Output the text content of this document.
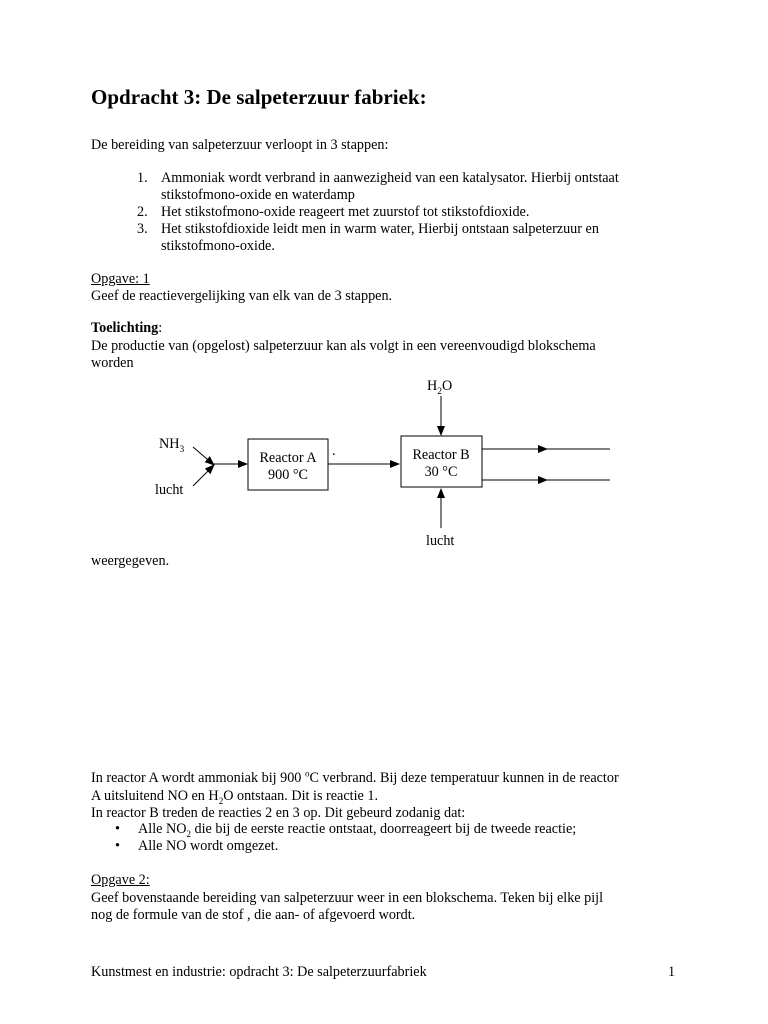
Opdracht 3: De salpeterzuur fabriek:
De bereiding van salpeterzuur verloopt in 3 stappen:
1. Ammoniak wordt verbrand in aanwezigheid van een katalysator. Hierbij ontstaat
stikstofmono-oxide en waterdamp
2. Het stikstofmono-oxide reageert met zuurstof tot stikstofdioxide.
3. Het stikstofdioxide leidt men in warm water, Hierbij ontstaan salpeterzuur en
stikstofmono-oxide.
Opgave: 1
Geef de reactievergelijking van elk van de 3 stappen.
Toelichting:
De productie van (opgelost) salpeterzuur kan als volgt in een vereenvoudigd blokschema
worden
$H_2O$
$NH_3$
lucht
Reactor A
900 °C
.	Reactor B
30 °C
lucht
weergegeven.
In reactor A wordt ammoniak bij 900 $^o$C verbrand. Bij deze temperatuur kunnen in de reactor
A uitsluitend NO en $H_2O$ ontstaan. Dit is reactie 1.
In reactor B treden de reacties 2 en 3 op. Dit gebeurd zodanig dat:
• Alle $NO_2$ die bij de eerste reactie ontstaat, doorreageert bij de tweede reactie;
• Alle NO wordt omgezet.
Opgave 2:
Geef bovenstaande bereiding van salpeterzuur weer in een blokschema. Teken bij elke pijl
nog de formule van de stof , die aan- of afgevoerd wordt.
Kunstmest en industrie: opdracht 3: De salpeterzuurfabriek	1
